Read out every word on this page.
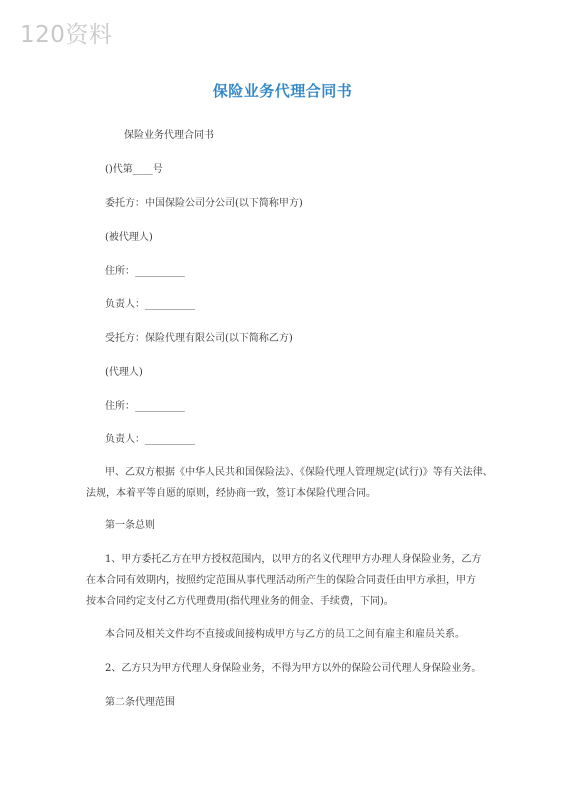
120资料
保险业务代理合同书
保险业务代理合同书
()代第____号
委托方：中国保险公司分公司(以下简称甲方)
(被代理人)
住所：__________
负责人：__________
受托方：保险代理有限公司(以下简称乙方)
(代理人)
住所：__________
负责人：__________
甲、乙双方根据《中华人民共和国保险法》、《保险代理人管理规定(试行)》等有关法律、
法规，本着平等自愿的原则，经协商一致，签订本保险代理合同。
第一条总则
1、甲方委托乙方在甲方授权范围内，以甲方的名义代理甲方办理人身保险业务，乙方
在本合同有效期内，按照约定范围从事代理活动所产生的保险合同责任由甲方承担，甲方
按本合同约定支付乙方代理费用(指代理业务的佣金、手续费，下同)。
本合同及相关文件均不直接或间接构成甲方与乙方的员工之间有雇主和雇员关系。
2、乙方只为甲方代理人身保险业务，不得为甲方以外的保险公司代理人身保险业务。
第二条代理范围
